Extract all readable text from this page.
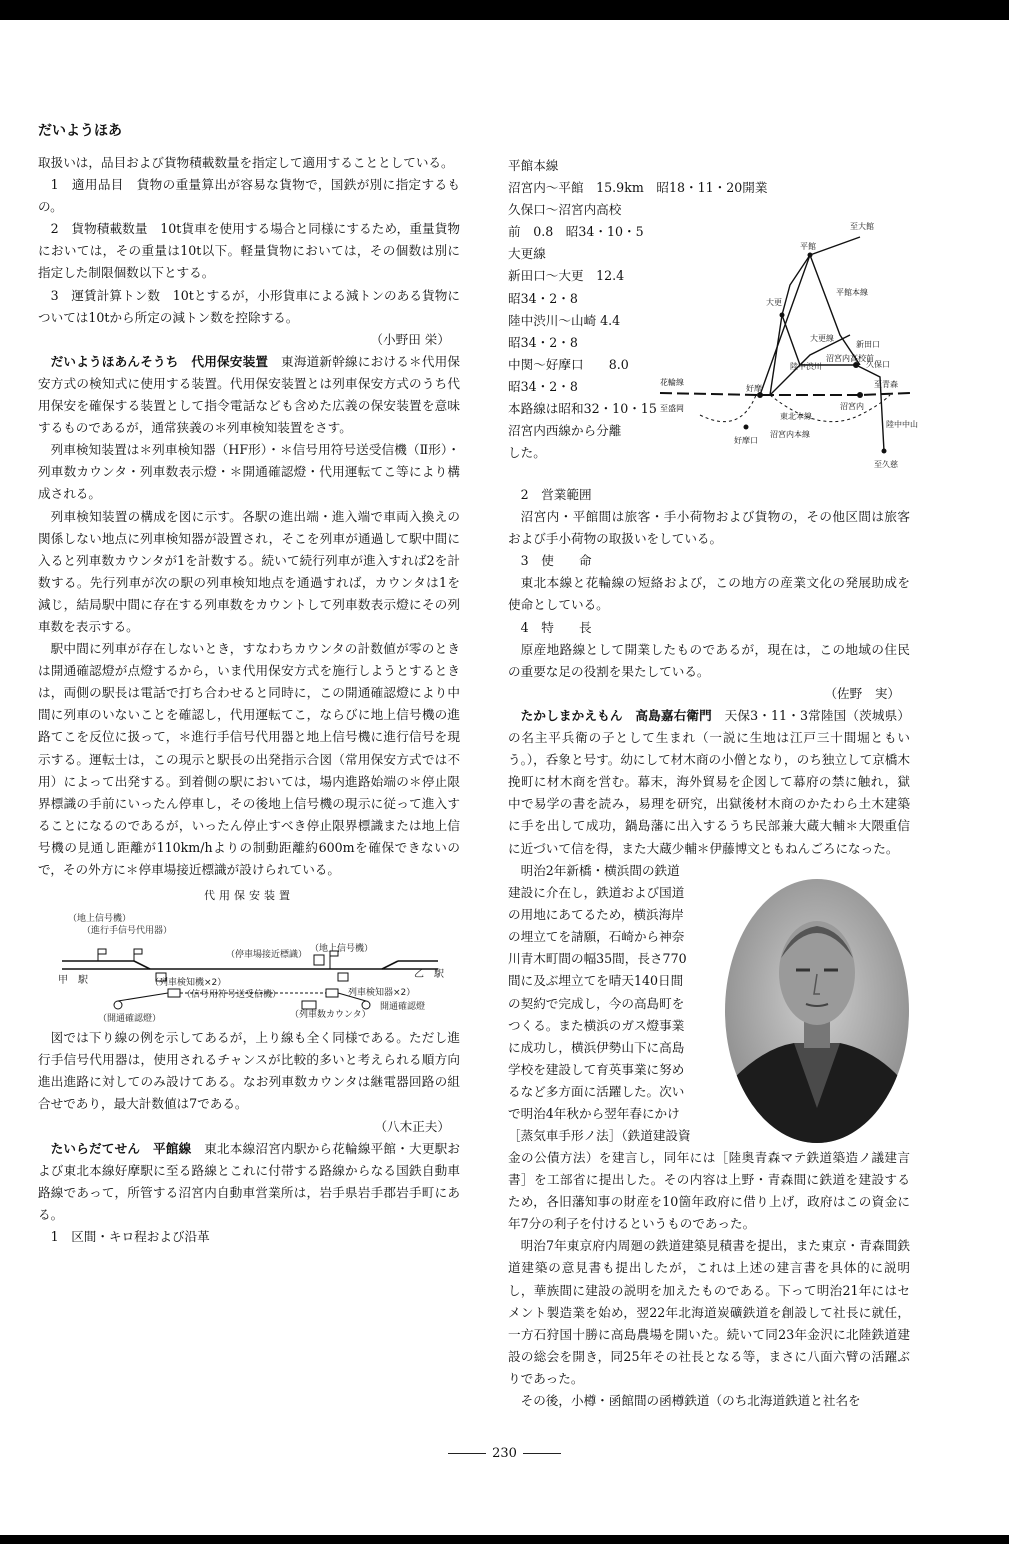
だいようほあ

取扱いは，品目および貨物積載数量を指定して適用することとしている。

1　適用品目　貨物の重量算出が容易な貨物で，国鉄が別に指定するもの。

2　貨物積載数量　10t貨車を使用する場合と同様にするため，重量貨物においては，その重量は10t以下。軽量貨物においては，その個数は別に指定した制限個数以下とする。

3　運賃計算トン数　10tとするが，小形貨車による減トンのある貨物については10tから所定の減トン数を控除する。

（小野田 栄）

だいようほあんそうち　代用保安装置　 東海道新幹線における＊代用保安方式の検知式に使用する装置。代用保安装置とは列車保安方式のうち代用保安を確保する装置として指令電話なども含めた広義の保安装置を意味するものであるが，通常狭義の＊列車検知装置をさす。

列車検知装置は＊列車検知器（HF形）・＊信号用符号送受信機（Ⅱ形）・列車数カウンタ・列車数表示燈・＊開通確認燈・代用運転てこ等により構成される。

列車検知装置の構成を図に示す。各駅の進出端・進入端で車両入換えの関係しない地点に列車検知器が設置され，そこを列車が通過して駅中間に入ると列車数カウンタが1を計数する。続いて続行列車が進入すれば2を計数する。先行列車が次の駅の列車検知地点を通過すれば，カウンタは1を減じ，結局駅中間に存在する列車数をカウントして列車数表示燈にその列車数を表示する。

駅中間に列車が存在しないとき，すなわちカウンタの計数値が零のときは開通確認燈が点燈するから，いま代用保安方式を施行しようとするときは，両側の駅長は電話で打ち合わせると同時に，この開通確認燈により中間に列車のいないことを確認し，代用運転てこ，ならびに地上信号機の進路てこを反位に扱って，＊進行手信号代用器と地上信号機に進行信号を現示する。運転士は，この現示と駅長の出発指示合図（常用保安方式では不用）によって出発する。到着側の駅においては，場内進路始端の＊停止限界標識の手前にいったん停車し，その後地上信号機の現示に従って進入することになるのであるが，いったん停止すべき停止限界標識または地上信号機の見通し距離が110km/hよりの制動距離約600mを確保できないので，その外方に＊停車場接近標識が設けられている。

代用保安装置
（地上信号機）
（進行手信号代用器）
（停車場接近標識）
（地上信号機）
甲　駅
乙　駅
（列車検知機×2）
（信号用符号送受信機）	列車検知器×2）
開通確認燈
（開通確認燈）	（列車数カウンタ）

図では下り線の例を示してあるが，上り線も全く同様である。ただし進行手信号代用器は，使用されるチャンスが比較的多いと考えられる順方向進出進路に対してのみ設けてある。なお列車数カウンタは継電器回路の組合せであり，最大計数値は7である。

（八木正夫）

たいらだてせん　平館線　 東北本線沼宮内駅から花輪線平館・大更駅および東北本線好摩駅に至る路線とこれに付帯する路線からなる国鉄自動車路線であって，所管する沼宮内自動車営業所は，岩手県岩手郡岩手町にある。

1　区間・キロ程および沿革

平館本線

沼宮内～平館　15.9km　昭18・11・20開業

久保口～沼宮内高校

前　0.8　昭34・10・5

大更線

新田口～大更　12.4

昭34・2・8

陸中渋川～山崎 4.4

昭34・2・8

中関～好摩口　　8.0

昭34・2・8

本路線は昭和32・10・15

沼宮内西線から分離

した。

至大館
平館
大更
平館本線
新田口
大更線
久保口
至青森
花輪線
好摩
陸中渋川
沼宮内高校前
沼宮内
東北本線
沼宮内本線
好摩口
陸中中山
至久慈
至盛岡

2　営業範囲

沼宮内・平館間は旅客・手小荷物および貨物の，その他区間は旅客および手小荷物の取扱いをしている。

3　使　　命

東北本線と花輪線の短絡および，この地方の産業文化の発展助成を使命としている。

4　特　　長

原産地路線として開業したものであるが，現在は，この地域の住民の重要な足の役割を果たしている。

（佐野　実）

たかしまかえもん　高島嘉右衛門　 天保3・11・3常陸国（茨城県）の名主平兵衛の子として生まれ（一説に生地は江戸三十間堀ともいう。），呑象と号す。幼にして材木商の小僧となり，のち独立して京橋木挽町に材木商を営む。幕末，海外貿易を企図して幕府の禁に触れ，獄中で易学の書を読み，易理を研究，出獄後材木商のかたわら土木建築に手を出して成功，鍋島藩に出入するうち民部兼大蔵大輔＊大隈重信に近づいて信を得，また大蔵少輔＊伊藤博文ともねんごろになった。

明治2年新橋・横浜間の鉄道

建設に介在し，鉄道および国道

の用地にあてるため，横浜海岸

の埋立てを請願，石崎から神奈

川青木町間の幅35間，長さ770

間に及ぶ埋立てを晴天140日間

の契約で完成し，今の高島町を

つくる。また横浜のガス燈事業

に成功し，横浜伊勢山下に高島

学校を建設して育英事業に努め

るなど多方面に活躍した。次い

で明治4年秋から翌年春にかけ

［蒸気車手形ノ法］（鉄道建設資

金の公債方法）を建言し，同年には［陸奥青森マテ鉄道築造ノ議建言書］を工部省に提出した。その内容は上野・青森間に鉄道を建設するため，各旧藩知事の財産を10箇年政府に借り上げ，政府はこの資金に年7分の利子を付けるというものであった。

明治7年東京府内周廻の鉄道建築見積書を提出，また東京・青森間鉄道建築の意見書も提出したが，これは上述の建言書を具体的に説明し，華族間に建設の説明を加えたものである。下って明治21年にはセメント製造業を始め，翌22年北海道炭礦鉄道を創設して社長に就任，一方石狩国十勝に高島農場を開いた。続いて同23年金沢に北陸鉄道建設の総会を開き，同25年その社長となる等，まさに八面六臂の活躍ぶりであった。

その後，小樽・函館間の函樽鉄道（のち北海道鉄道と社名を

230
